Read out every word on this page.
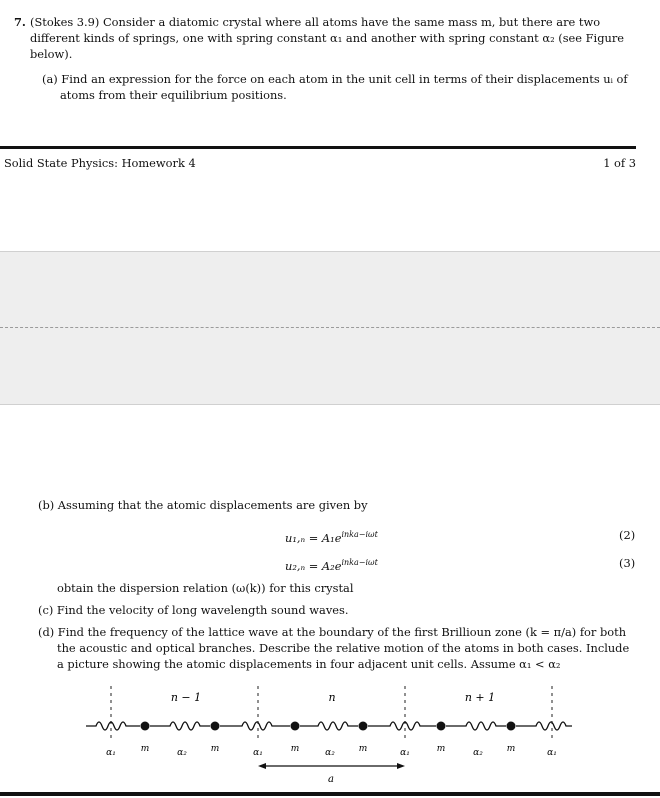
7. (Stokes 3.9) Consider a diatomic crystal where all atoms have the same mass m, but there are two
different kinds of springs, one with spring constant α₁ and another with spring constant α₂ (see Figure
below).
(a) Find an expression for the force on each atom in the unit cell in terms of their displacements uᵢ of
atoms from their equilibrium positions.
Solid State Physics: Homework 4	1 of 3
(b) Assuming that the atomic displacements are given by
$u_1,_n = A_1e^{inka-i\omega t}$	(2)
$u_2,_n = A_2e^{inka-i\omega t}$	(3)
obtain the dispersion relation (ω(k)) for this crystal
(c) Find the velocity of long wavelength sound waves.
(d) Find the frequency of the lattice wave at the boundary of the first Brillioun zone (k = π/a) for both
the acoustic and optical branches. Describe the relative motion of the atoms in both cases. Include
a picture showing the atomic displacements in four adjacent unit cells. Assume α₁ < α₂
n − 1	n	n + 1
α₁	α₂	α₁	α₂	α₁	α₂	α₁
m	m	m	m	m	m
a
